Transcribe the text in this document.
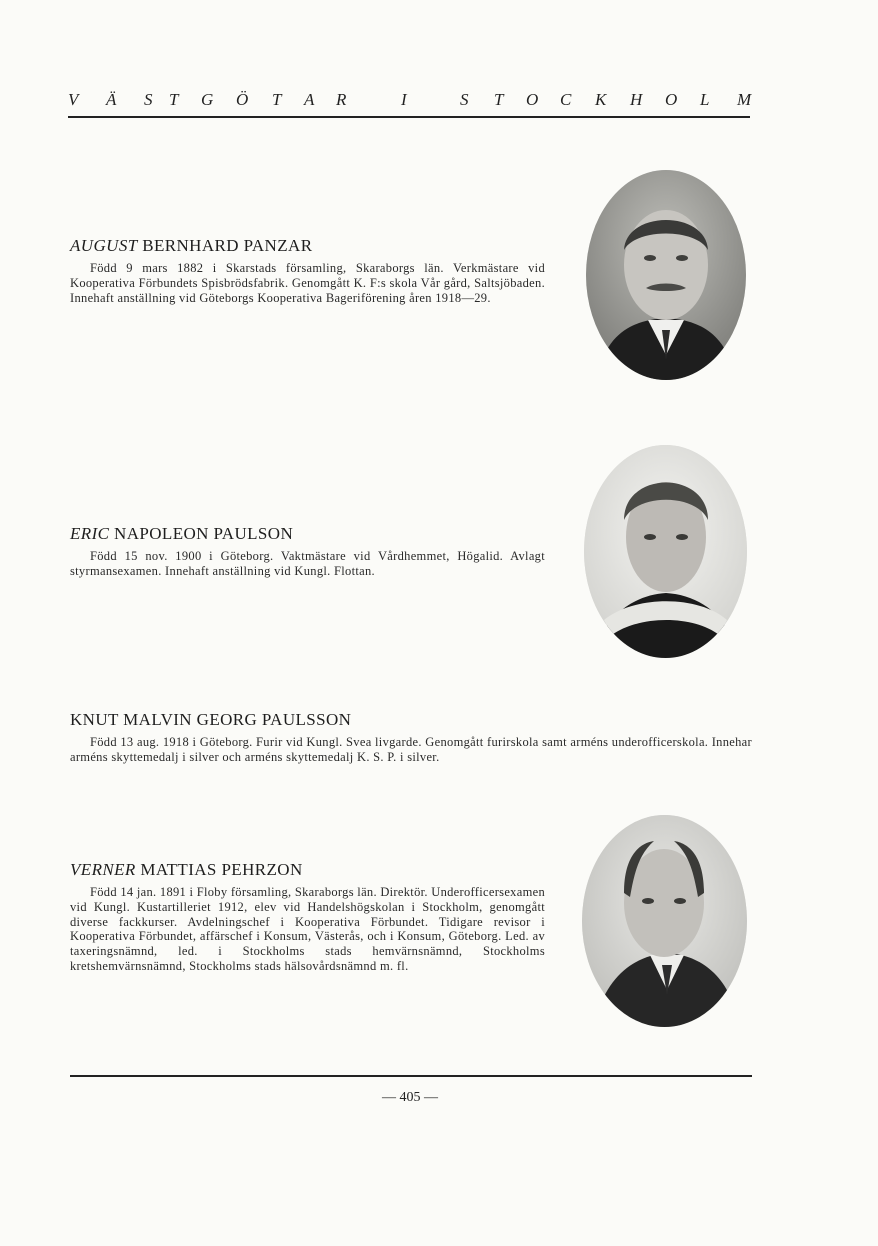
V Ä S T G Ö T A R	I	S T O C K H O L M
AUGUST BERNHARD PANZAR
Född 9 mars 1882 i Skarstads församling, Skaraborgs län. Verkmästare vid Kooperativa Förbundets Spisbrödsfabrik. Genomgått K. F:s skola Vår gård, Saltsjöbaden. Innehaft anställning vid Göteborgs Kooperativa Bageriförening åren 1918—29.
ERIC NAPOLEON PAULSON
Född 15 nov. 1900 i Göteborg. Vaktmästare vid Vårdhemmet, Högalid. Avlagt styrmansexamen. Innehaft anställning vid Kungl. Flottan.
KNUT MALVIN GEORG PAULSSON
Född 13 aug. 1918 i Göteborg. Furir vid Kungl. Svea livgarde. Genomgått furirskola samt arméns underofficerskola. Innehar arméns skyttemedalj i silver och arméns skyttemedalj K. S. P. i silver.
VERNER MATTIAS PEHRZON
Född 14 jan. 1891 i Floby församling, Skaraborgs län. Direktör. Underofficersexamen vid Kungl. Kustartilleriet 1912, elev vid Handelshögskolan i Stockholm, genomgått diverse fackkurser. Avdelningschef i Kooperativa Förbundet. Tidigare revisor i Kooperativa Förbundet, affärschef i Konsum, Västerås, och i Konsum, Göteborg. Led. av taxeringsnämnd, led. i Stockholms stads hemvärnsnämnd, Stockholms kretshemvärnsnämnd, Stockholms stads hälsovårdsnämnd m. fl.
— 405 —
